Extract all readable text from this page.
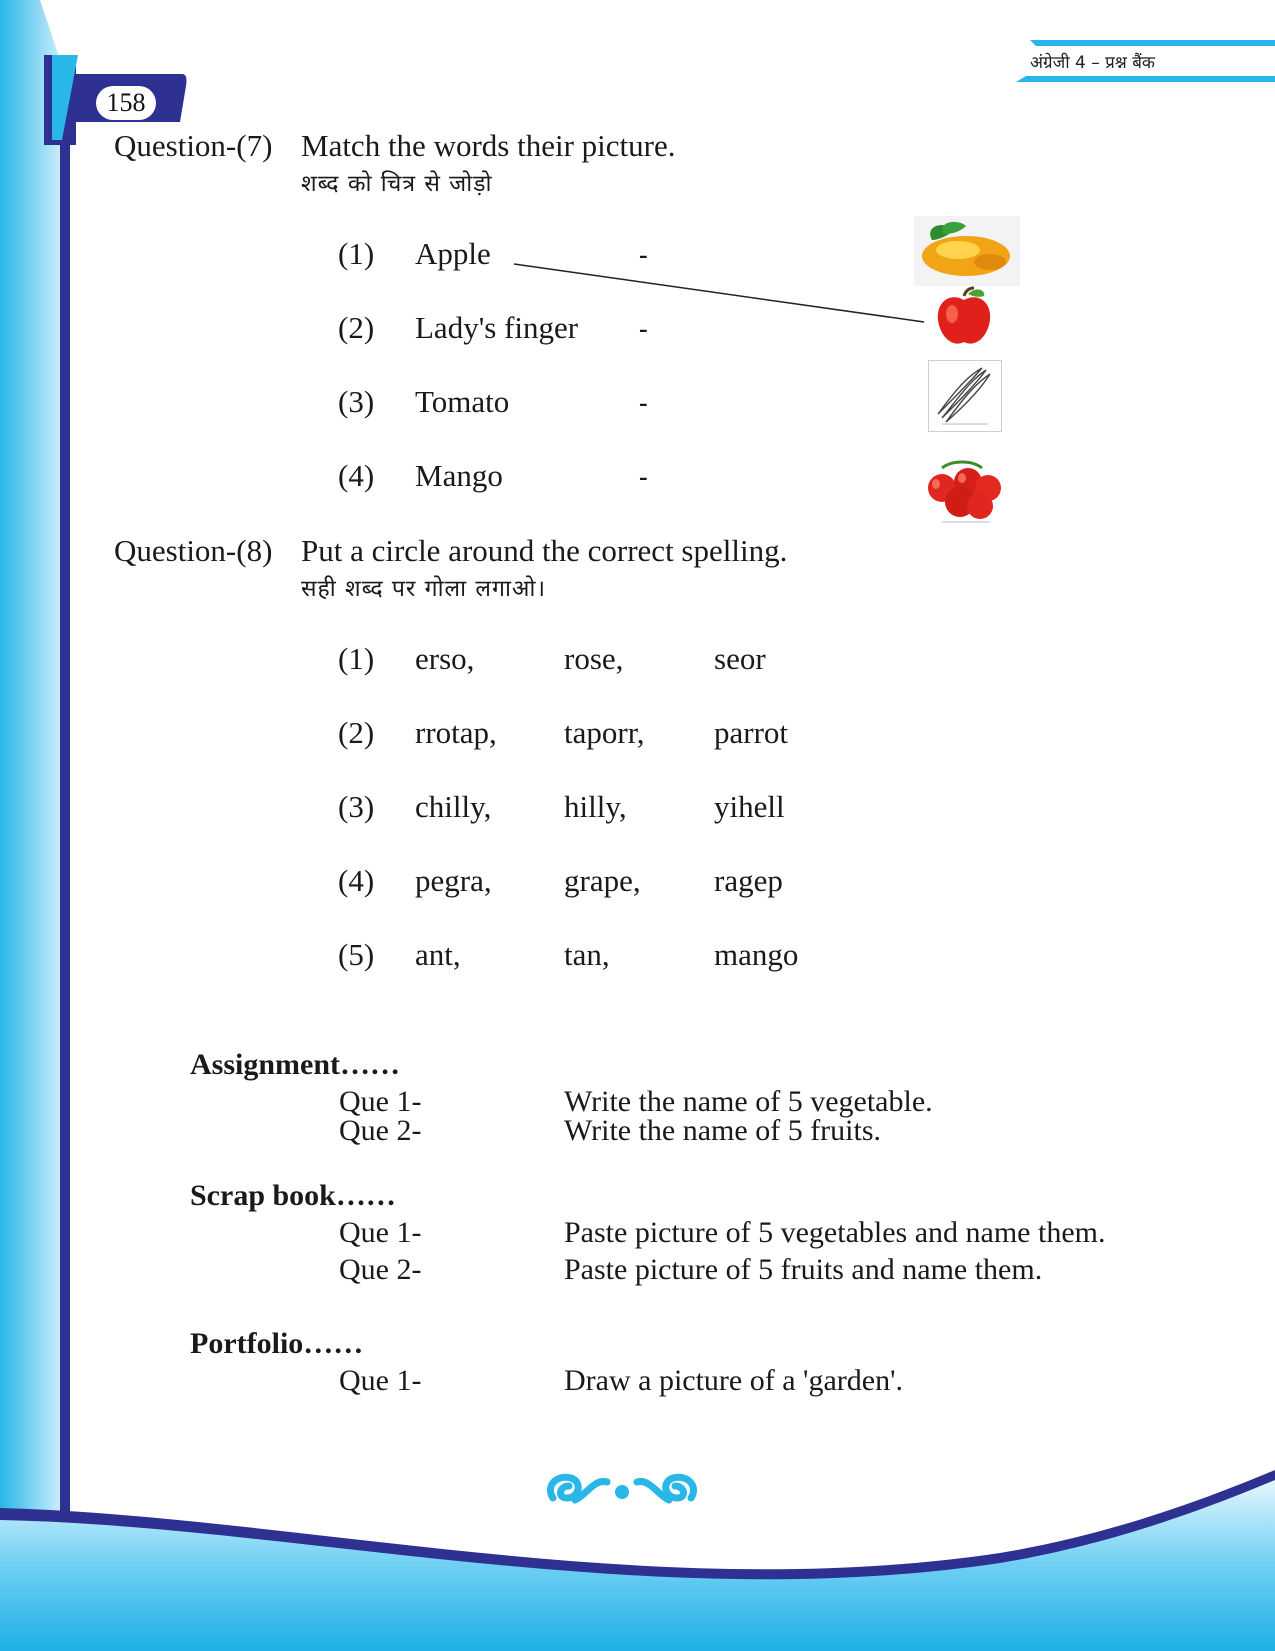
अंग्रेजी 4 – प्रश्न बैंक
158
Question-(7) Match the words their picture.
शब्द को चित्र से जोड़ो
(1) Apple	-
(2) Lady's finger -
(3) Tomato	-
(4) Mango	-
Question-(8) Put a circle around the correct spelling.
सही शब्द पर गोला लगाओ।
(1) erso,	rose,	seor
(2) rrotap, taporr, parrot
(3) chilly, hilly,	yihell
(4) pegra, grape, ragep
(5) ant,	tan,	mango
Assignment……
Que 1-	Write the name of 5 vegetable.
Que 2-	Write the name of 5 fruits.
Scrap book……
Que 1-	Paste picture of 5 vegetables and name them.
Que 2-	Paste picture of 5 fruits and name them.
Portfolio……
Que 1-	Draw a picture of a 'garden'.
